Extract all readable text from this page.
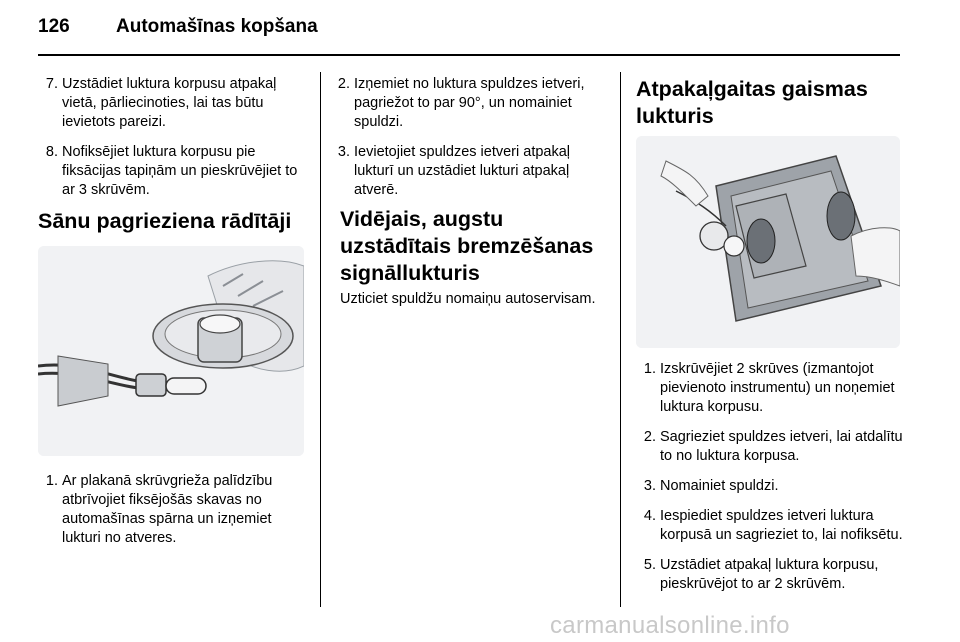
126 Automašīnas kopšana
7. Uzstādiet luktura korpusu atpakaļ vietā, pārliecinoties, lai tas būtu ievietots pareizi.
8. Nofiksējiet luktura korpusu pie fiksācijas tapiņām un pieskrūvējiet to ar 3 skrūvēm.
Sānu pagrieziena rādītāji
1. Ar plakanā skrūvgrieža palīdzību atbrīvojiet fiksējošās skavas no automašīnas spārna un izņemiet lukturi no atveres.
2. Izņemiet no luktura spuldzes ietveri, pagriežot to par 90°, un nomainiet spuldzi.
3. Ievietojiet spuldzes ietveri atpakaļ lukturī un uzstādiet lukturi atpakaļ atverē.
Vidējais, augstu uzstādītais bremzēšanas signāllukturis
Uzticiet spuldžu nomaiņu autoservisam.
Atpakaļgaitas gaismas lukturis
1. Izskrūvējiet 2 skrūves (izmantojot pievienoto instrumentu) un noņemiet luktura korpusu.
2. Sagrieziet spuldzes ietveri, lai atdalītu to no luktura korpusa.
3. Nomainiet spuldzi.
4. Iespiediet spuldzes ietveri luktura korpusā un sagrieziet to, lai nofiksētu.
5. Uzstādiet atpakaļ luktura korpusu, pieskrūvējot to ar 2 skrūvēm.
carmanualsonline.info
